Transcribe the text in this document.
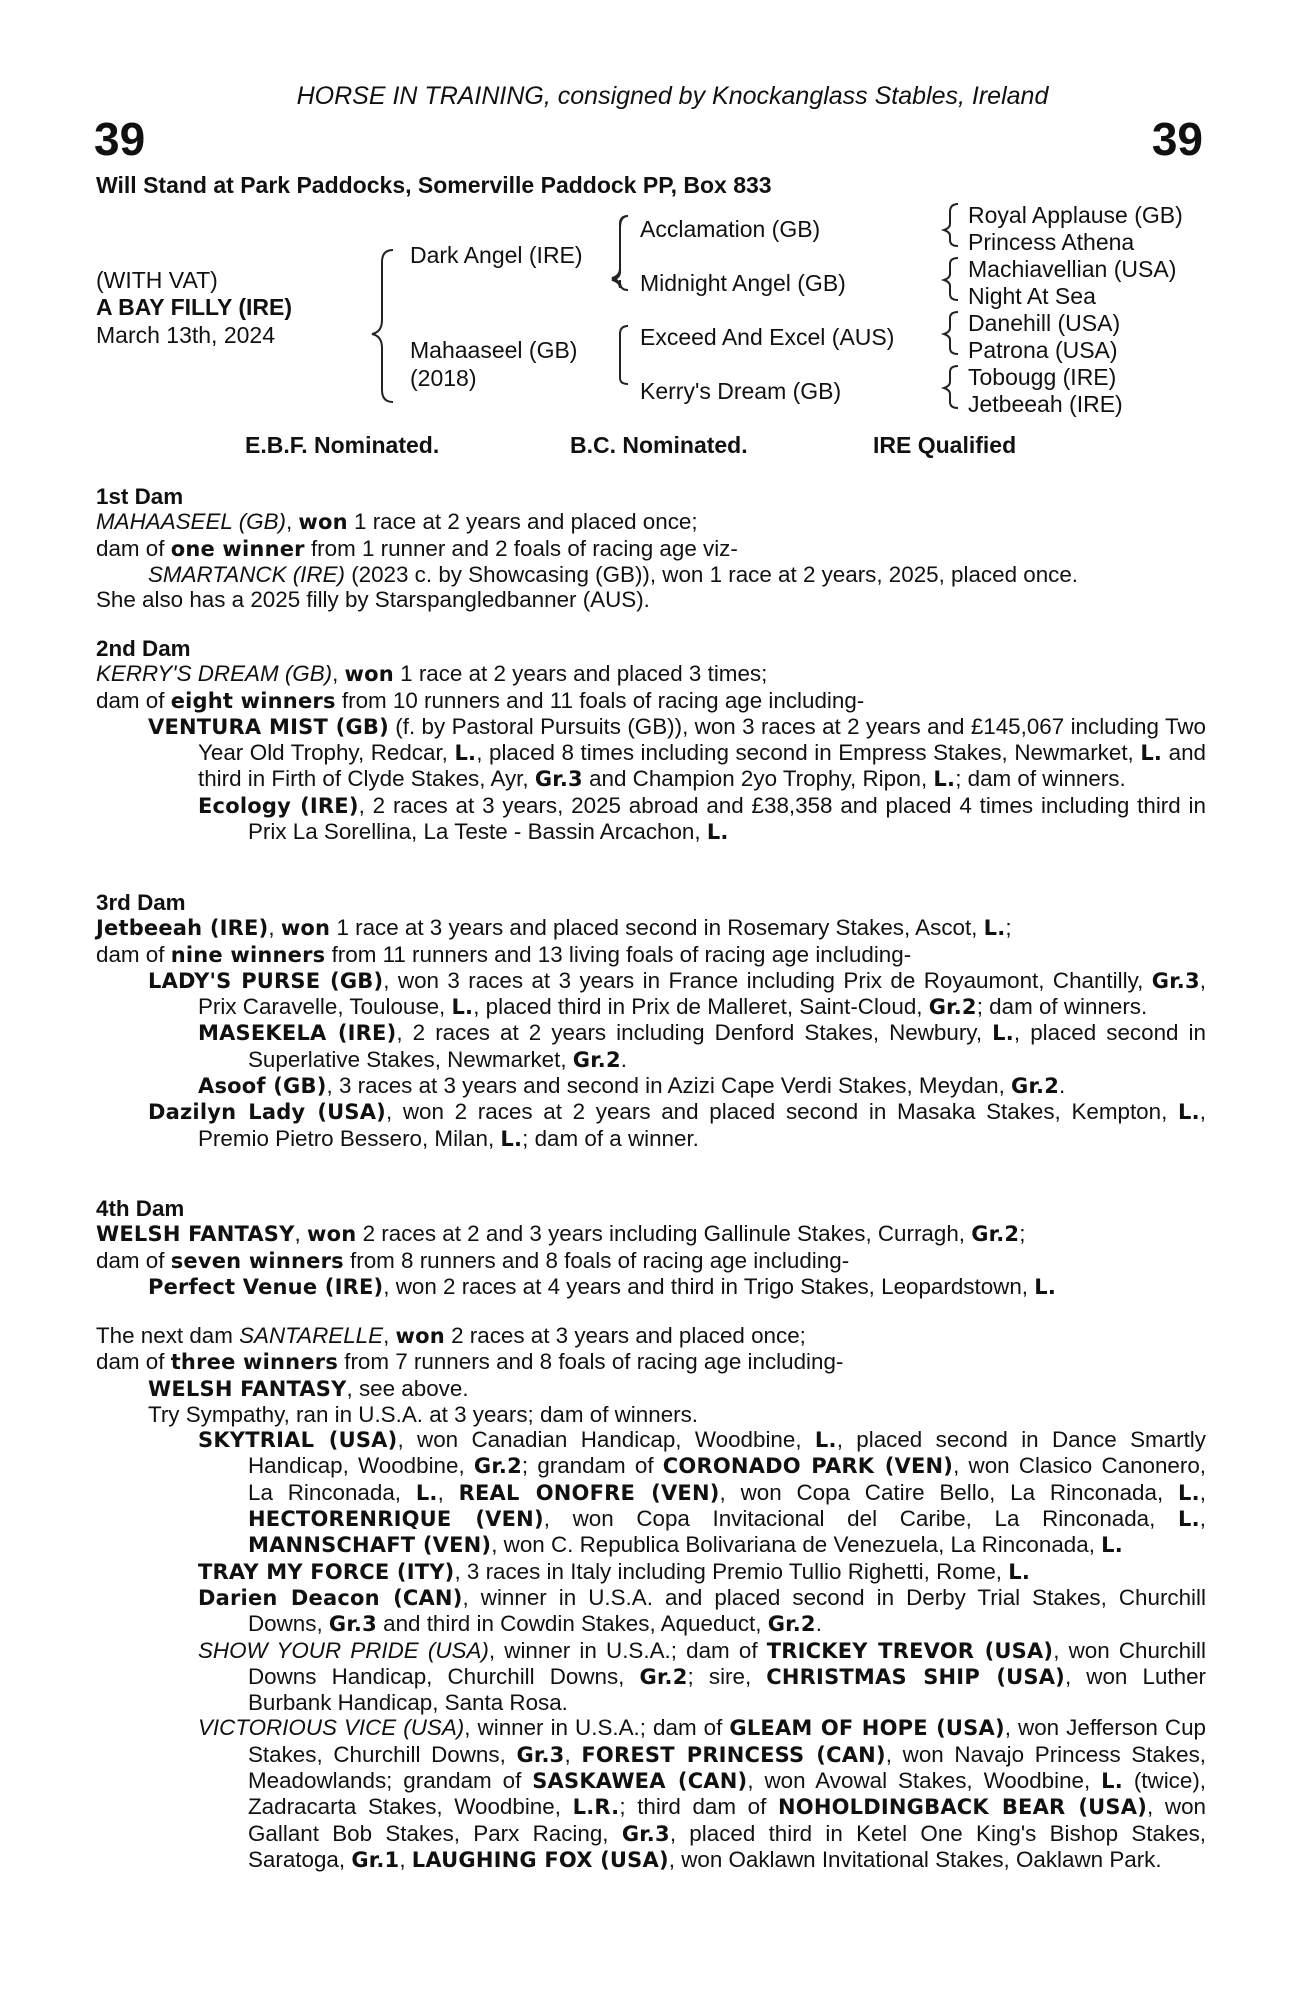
39	39
HORSE IN TRAINING, consigned by Knockanglass Stables, Ireland
Will Stand at Park Paddocks, Somerville Paddock PP, Box 833
(WITH VAT)
A BAY FILLY (IRE)
March 13th, 2024
Dark Angel (IRE)
Mahaaseel (GB)
(2018)
Acclamation (GB)
Midnight Angel (GB)
Exceed And Excel (AUS)
Kerry's Dream (GB)
Royal Applause (GB)
Princess Athena
Machiavellian (USA)
Night At Sea
Danehill (USA)
Patrona (USA)
Tobougg (IRE)
Jetbeeah (IRE)
E.B.F. Nominated.	B.C. Nominated.	IRE Qualified

1st Dam

MAHAASEEL (GB), won 1 race at 2 years and placed once;

dam of one winner from 1 runner and 2 foals of racing age viz-

SMARTANCK (IRE) (2023 c. by Showcasing (GB)), won 1 race at 2 years, 2025, placed once.

She also has a 2025 filly by Starspangledbanner (AUS).

2nd Dam

KERRY'S DREAM (GB), won 1 race at 2 years and placed 3 times;

dam of eight winners from 10 runners and 11 foals of racing age including-

VENTURA MIST (GB) (f. by Pastoral Pursuits (GB)), won 3 races at 2 years and £145,067 including Two Year Old Trophy, Redcar, L., placed 8 times including second in Empress Stakes, Newmarket, L. and third in Firth of Clyde Stakes, Ayr, Gr.3 and Champion 2yo Trophy, Ripon, L.; dam of winners.

Ecology (IRE), 2 races at 3 years, 2025 abroad and £38,358 and placed 4 times including third in Prix La Sorellina, La Teste - Bassin Arcachon, L.

3rd Dam

Jetbeeah (IRE), won 1 race at 3 years and placed second in Rosemary Stakes, Ascot, L.;

dam of nine winners from 11 runners and 13 living foals of racing age including-

LADY'S PURSE (GB), won 3 races at 3 years in France including Prix de Royaumont, Chantilly, Gr.3, Prix Caravelle, Toulouse, L., placed third in Prix de Malleret, Saint-Cloud, Gr.2; dam of winners.

MASEKELA (IRE), 2 races at 2 years including Denford Stakes, Newbury, L., placed second in Superlative Stakes, Newmarket, Gr.2.

Asoof (GB), 3 races at 3 years and second in Azizi Cape Verdi Stakes, Meydan, Gr.2.

Dazilyn Lady (USA), won 2 races at 2 years and placed second in Masaka Stakes, Kempton, L., Premio Pietro Bessero, Milan, L.; dam of a winner.

4th Dam

WELSH FANTASY, won 2 races at 2 and 3 years including Gallinule Stakes, Curragh, Gr.2;

dam of seven winners from 8 runners and 8 foals of racing age including-

Perfect Venue (IRE), won 2 races at 4 years and third in Trigo Stakes, Leopardstown, L.

The next dam SANTARELLE, won 2 races at 3 years and placed once;

dam of three winners from 7 runners and 8 foals of racing age including-

WELSH FANTASY, see above.

Try Sympathy, ran in U.S.A. at 3 years; dam of winners.

SKYTRIAL (USA), won Canadian Handicap, Woodbine, L., placed second in Dance Smartly Handicap, Woodbine, Gr.2; grandam of CORONADO PARK (VEN), won Clasico Canonero, La Rinconada, L., REAL ONOFRE (VEN), won Copa Catire Bello, La Rinconada, L., HECTORENRIQUE (VEN), won Copa Invitacional del Caribe, La Rinconada, L., MANNSCHAFT (VEN), won C. Republica Bolivariana de Venezuela, La Rinconada, L.

TRAY MY FORCE (ITY), 3 races in Italy including Premio Tullio Righetti, Rome, L.

Darien Deacon (CAN), winner in U.S.A. and placed second in Derby Trial Stakes, Churchill Downs, Gr.3 and third in Cowdin Stakes, Aqueduct, Gr.2.

SHOW YOUR PRIDE (USA), winner in U.S.A.; dam of TRICKEY TREVOR (USA), won Churchill Downs Handicap, Churchill Downs, Gr.2; sire, CHRISTMAS SHIP (USA), won Luther Burbank Handicap, Santa Rosa.

VICTORIOUS VICE (USA), winner in U.S.A.; dam of GLEAM OF HOPE (USA), won Jefferson Cup Stakes, Churchill Downs, Gr.3, FOREST PRINCESS (CAN), won Navajo Princess Stakes, Meadowlands; grandam of SASKAWEA (CAN), won Avowal Stakes, Woodbine, L. (twice), Zadracarta Stakes, Woodbine, L.R.; third dam of NOHOLDINGBACK BEAR (USA), won Gallant Bob Stakes, Parx Racing, Gr.3, placed third in Ketel One King's Bishop Stakes, Saratoga, Gr.1, LAUGHING FOX (USA), won Oaklawn Invitational Stakes, Oaklawn Park.
